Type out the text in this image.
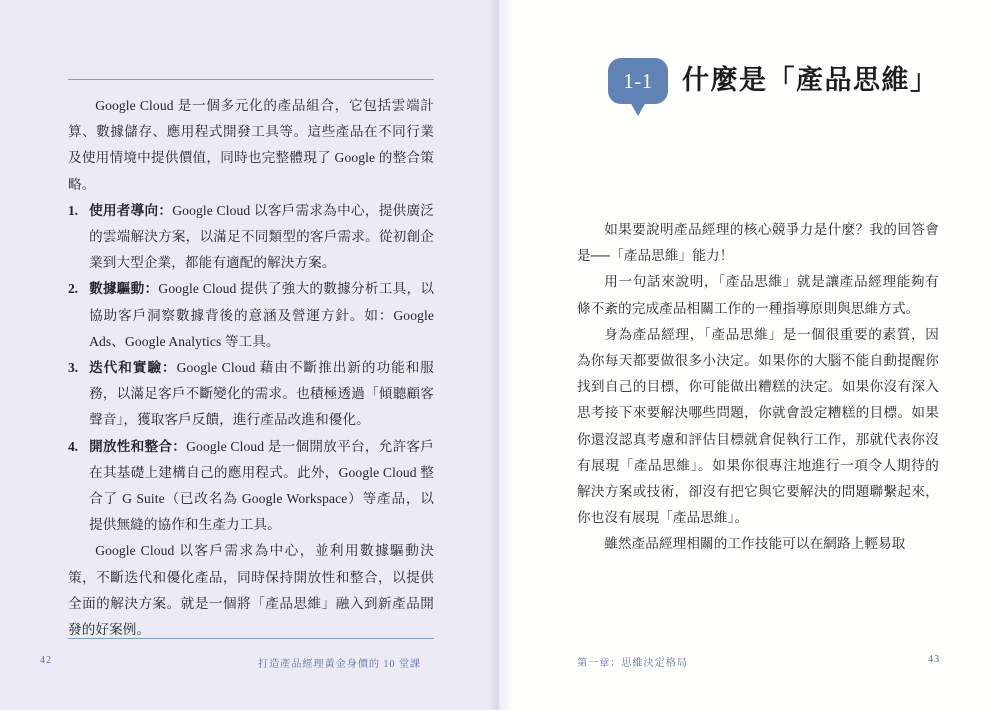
Google Cloud 是一個多元化的產品組合，它包括雲端計算、數據儲存、應用程式開發工具等。這些產品在不同行業及使用情境中提供價值，同時也完整體現了 Google 的整合策略。

1. 使用者導向：Google Cloud 以客戶需求為中心，提供廣泛的雲端解決方案，以滿足不同類型的客戶需求。從初創企業到大型企業，都能有適配的解決方案。
2. 數據驅動：Google Cloud 提供了強大的數據分析工具，以協助客戶洞察數據背後的意涵及營運方針。如：Google Ads、Google Analytics 等工具。
3. 迭代和實驗：Google Cloud 藉由不斷推出新的功能和服務，以滿足客戶不斷變化的需求。也積極透過「傾聽顧客聲音」，獲取客戶反饋，進行產品改進和優化。
4. 開放性和整合：Google Cloud 是一個開放平台，允許客戶在其基礎上建構自己的應用程式。此外，Google Cloud 整合了 G Suite（已改名為 Google Workspace）等產品，以提供無縫的協作和生產力工具。

Google Cloud 以客戶需求為中心，並利用數據驅動決策，不斷迭代和優化產品，同時保持開放性和整合，以提供全面的解決方案。就是一個將「產品思維」融入到新產品開發的好案例。

42	打造產品經理黃金身價的 10 堂課
1-1	什麼是「產品思維」

如果要說明產品經理的核心競爭力是什麼？我的回答會是──「產品思維」能力！

用一句話來說明，「產品思維」就是讓產品經理能夠有條不紊的完成產品相關工作的一種指導原則與思維方式。

身為產品經理，「產品思維」是一個很重要的素質，因為你每天都要做很多小決定。如果你的大腦不能自動提醒你找到自己的目標，你可能做出糟糕的決定。如果你沒有深入思考接下來要解決哪些問題，你就會設定糟糕的目標。如果你還沒認真考慮和評估目標就倉促執行工作，那就代表你沒有展現「產品思維」。如果你很專注地進行一項令人期待的解決方案或技術，卻沒有把它與它要解決的問題聯繫起來，你也沒有展現「產品思維」。

雖然產品經理相關的工作技能可以在網路上輕易取

第一章：思維決定格局	43
